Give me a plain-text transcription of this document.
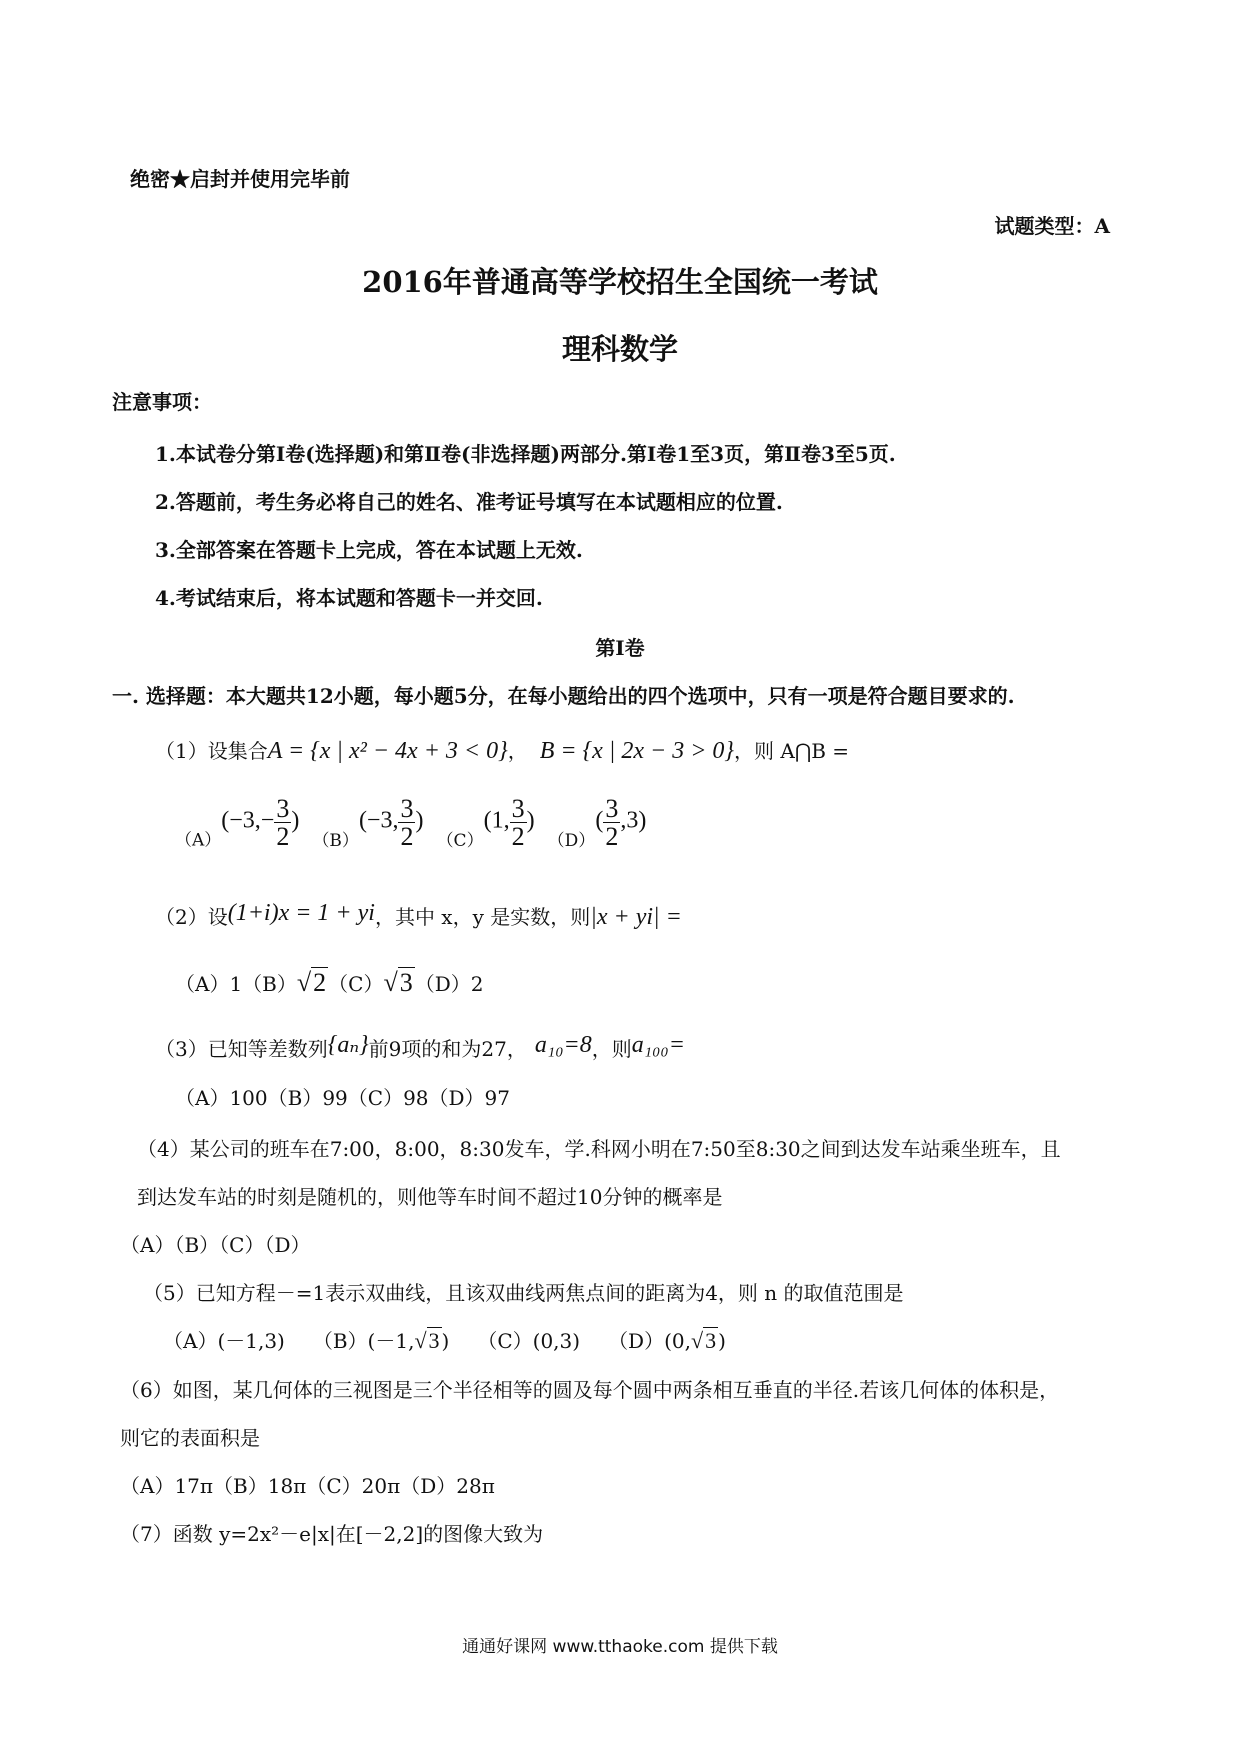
绝密★启封并使用完毕前
试题类型：A
2016年普通高等学校招生全国统一考试
理科数学
注意事项：
1.本试卷分第Ⅰ卷(选择题)和第Ⅱ卷(非选择题)两部分.第Ⅰ卷1至3页，第Ⅱ卷3至5页.
2.答题前，考生务必将自己的姓名、准考证号填写在本试题相应的位置.
3.全部答案在答题卡上完成，答在本试题上无效.
4.考试结束后，将本试题和答题卡一并交回.
第Ⅰ卷
一. 选择题：本大题共12小题，每小题5分，在每小题给出的四个选项中，只有一项是符合题目要求的.
（1）设集合A = {x | x² − 4x + 3 < 0}， B = {x | 2x − 3 > 0}，则 A⋂B =
$(A)(-3,- \frac{3}{2}$ ) （B）(−3, $\frac{3}{2}$ ) （C）(1, $\frac{3}{2}$ ) $(D)( \frac{3}{2} ,3)$
（2）设(1+i)x = 1 + yi，其中 x，y 是实数，则|x + yi| =
（A）1（B）√2 （C）√3 （D）2
（3）已知等差数列{aₙ}前9项的和为27， a₁₀=8，则a₁₀₀=
（A）100（B）99（C）98（D）97
（4）某公司的班车在7:00，8:00，8:30发车，学.科网小明在7:50至8:30之间到达发车站乘坐班车，且
到达发车站的时刻是随机的，则他等车时间不超过10分钟的概率是
（A）（B）（C）（D）
（5）已知方程－=1表示双曲线，且该双曲线两焦点间的距离为4，则 n 的取值范围是
（A）(－1,3) （B）(－1,√3 ) （C）(0,3) （D）(0,√3 )
（6）如图，某几何体的三视图是三个半径相等的圆及每个圆中两条相互垂直的半径.若该几何体的体积是，
则它的表面积是
（A）17π（B）18π（C）20π（D）28π
（7）函数 y=2x²－e|x|在[－2,2]的图像大致为
通通好课网 www.tthaoke.com 提供下载
